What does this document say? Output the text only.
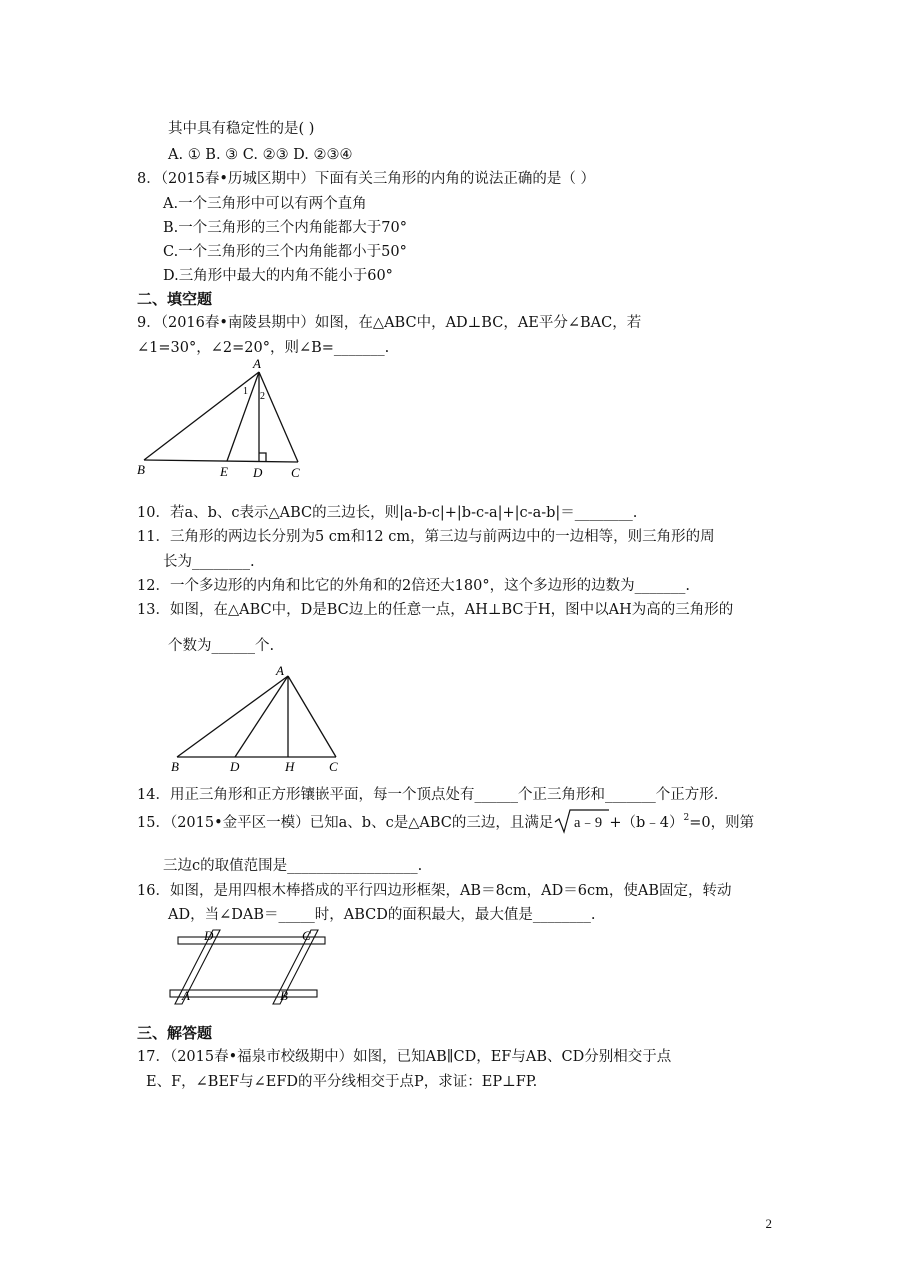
其中具有稳定性的是( )
A. ① B. ③ C. ②③ D. ②③④
8．（2015春•历城区期中）下面有关三角形的内角的说法正确的是（ ）
A.一个三角形中可以有两个直角
B.一个三角形的三个内角能都大于70°
C.一个三角形的三个内角能都小于50°
D.三角形中最大的内角不能小于60°
二、填空题
9．（2016春•南陵县期中）如图，在△ABC中，AD⊥BC，AE平分∠BAC，若
∠1=30°，∠2=20°，则∠B=_______.
A
B	C
D
E
1 2
10．若a、b、c表示△ABC的三边长，则|a-b-c|+|b-c-a|+|c-a-b|＝________.
11．三角形的两边长分别为5 cm和12 cm，第三边与前两边中的一边相等，则三角形的周
长为________.
12．一个多边形的内角和比它的外角和的2倍还大180°，这个多边形的边数为_______.
13．如图，在△ABC中，D是BC边上的任意一点，AH⊥BC于H，图中以AH为高的三角形的
个数为______个.
A
B	D	H	C
14．用正三角形和正方形镶嵌平面，每一个顶点处有______个正三角形和_______个正方形.
15．（2015•金平区一模）已知a、b、c是△ABC的三边，且满足 a﹣9 +（b﹣4）$^2$=0，则第
三边c的取值范围是__________________.
16．如图，是用四根木棒搭成的平行四边形框架，AB＝8cm，AD＝6cm，使AB固定，转动
AD，当∠DAB＝_____时，ABCD的面积最大，最大值是________.
D	C
A	B
三、解答题
17．（2015春•福泉市校级期中）如图，已知AB∥CD，EF与AB、CD分别相交于点
E、F，∠BEF与∠EFD的平分线相交于点P，求证：EP⊥FP.
2
